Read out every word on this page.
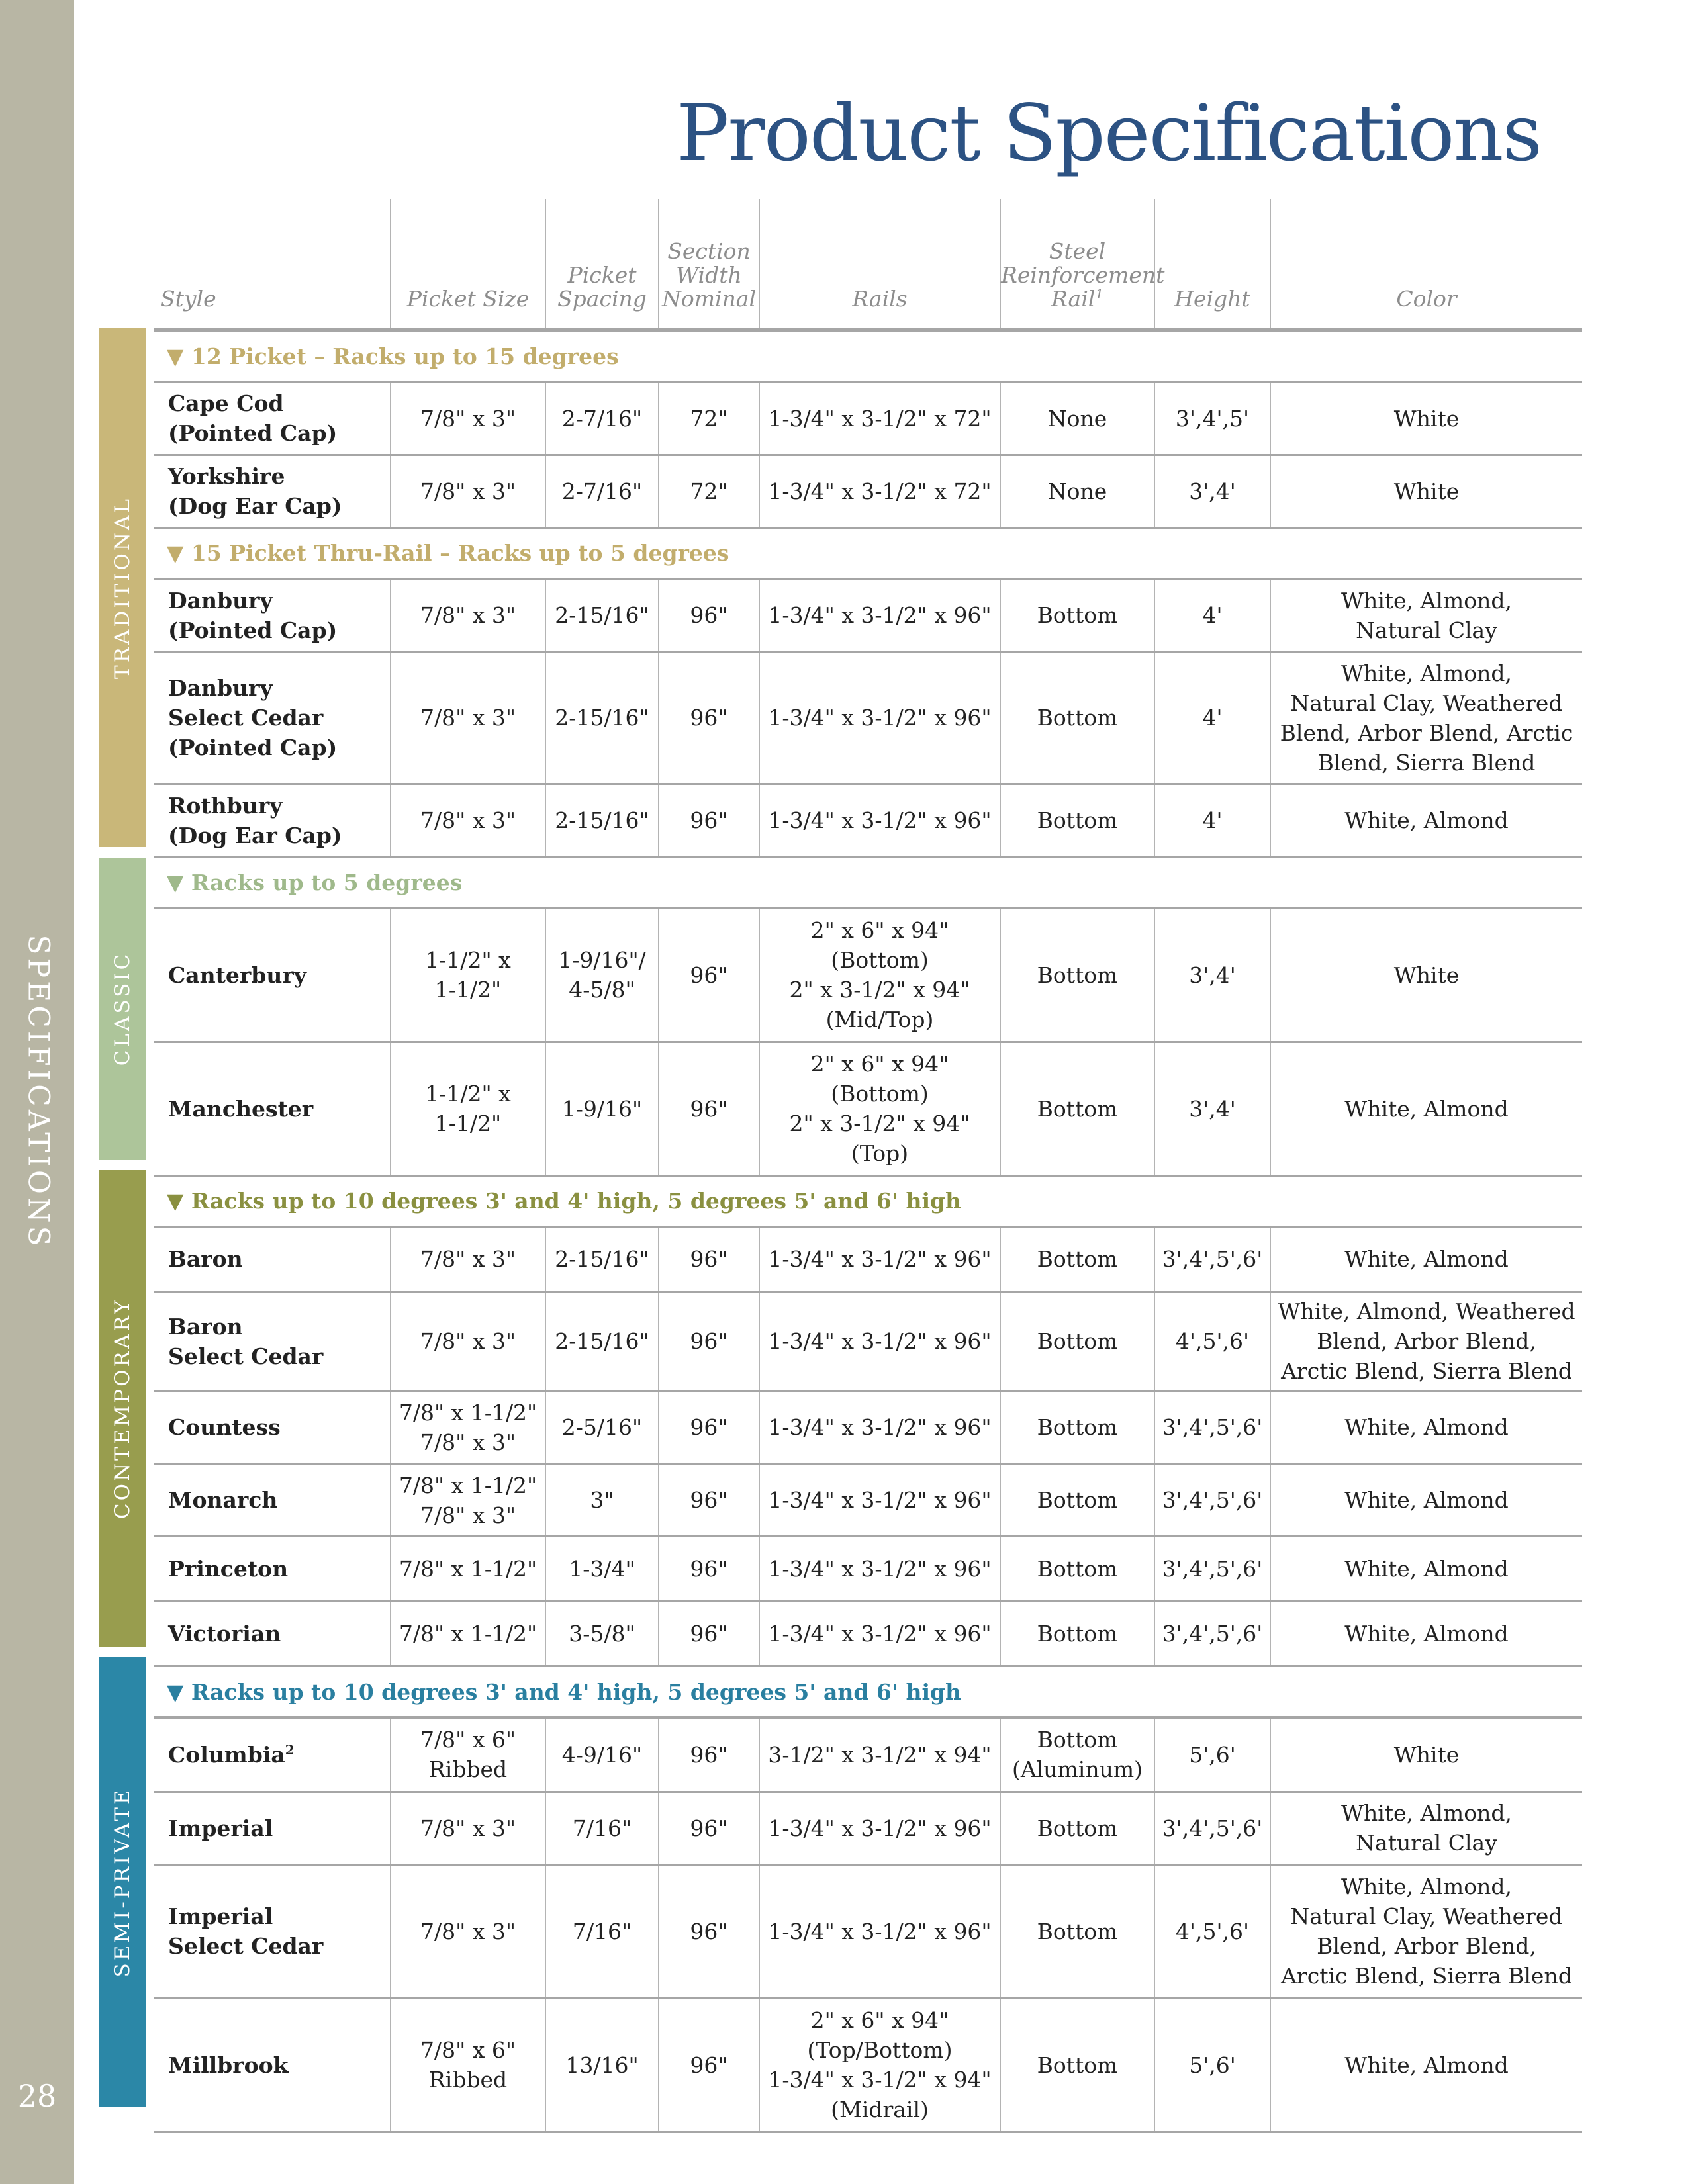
SPECIFICATIONS
28
Product Specifications
TRADITIONAL
CLASSIC
CONTEMPORARY
SEMI-PRIVATE
Style	Picket Size	Picket
Spacing	Section
Width
Nominal	Rails	Steel
Reinforcement
Rail$^1$	Height	Color
▼ 12 Picket – Racks up to 15 degrees							

Cape Cod
(Pointed Cap)	7/8" x 3"	2-7/16"	72"	1-3/4" x 3-1/2" x 72"	None	3',4',5'	White

Yorkshire
(Dog Ear Cap)	7/8" x 3"	2-7/16"	72"	1-3/4" x 3-1/2" x 72"	None	3',4'	White

▼ 15 Picket Thru-Rail – Racks up to 5 degrees							

Danbury
(Pointed Cap)	7/8" x 3"	2-15/16"	96"	1-3/4" x 3-1/2" x 96"	Bottom	4'	White, Almond,
Natural Clay

Danbury
Select Cedar
(Pointed Cap)	7/8" x 3"	2-15/16"	96"	1-3/4" x 3-1/2" x 96"	Bottom	4'	White, Almond,
Natural Clay, Weathered
Blend, Arbor Blend, Arctic
Blend, Sierra Blend

Rothbury
(Dog Ear Cap)	7/8" x 3"	2-15/16"	96"	1-3/4" x 3-1/2" x 96"	Bottom	4'	White, Almond

▼ Racks up to 5 degrees							

Canterbury	1-1/2" x
1-1/2"	1-9/16"/
4-5/8"	96"	2" x 6" x 94"
(Bottom)
2" x 3-1/2" x 94"
(Mid/Top)	Bottom	3',4'	White

Manchester	1-1/2" x
1-1/2"	1-9/16"	96"	2" x 6" x 94"
(Bottom)
2" x 3-1/2" x 94"
(Top)	Bottom	3',4'	White, Almond

▼ Racks up to 10 degrees 3' and 4' high, 5 degrees 5' and 6' high							

Baron	7/8" x 3"	2-15/16"	96"	1-3/4" x 3-1/2" x 96"	Bottom	3',4',5',6'	White, Almond

Baron
Select Cedar	7/8" x 3"	2-15/16"	96"	1-3/4" x 3-1/2" x 96"	Bottom	4',5',6'	White, Almond, Weathered
Blend, Arbor Blend,
Arctic Blend, Sierra Blend

Countess	7/8" x 1-1/2"
7/8" x 3"	2-5/16"	96"	1-3/4" x 3-1/2" x 96"	Bottom	3',4',5',6'	White, Almond

Monarch	7/8" x 1-1/2"
7/8" x 3"	3"	96"	1-3/4" x 3-1/2" x 96"	Bottom	3',4',5',6'	White, Almond

Princeton	7/8" x 1-1/2"	1-3/4"	96"	1-3/4" x 3-1/2" x 96"	Bottom	3',4',5',6'	White, Almond

Victorian	7/8" x 1-1/2"	3-5/8"	96"	1-3/4" x 3-1/2" x 96"	Bottom	3',4',5',6'	White, Almond

▼ Racks up to 10 degrees 3' and 4' high, 5 degrees 5' and 6' high							

Columbia$^2$	7/8" x 6"
Ribbed	4-9/16"	96"	3-1/2" x 3-1/2" x 94"	Bottom
(Aluminum)	5',6'	White

Imperial	7/8" x 3"	7/16"	96"	1-3/4" x 3-1/2" x 96"	Bottom	3',4',5',6'	White, Almond,
Natural Clay

Imperial
Select Cedar	7/8" x 3"	7/16"	96"	1-3/4" x 3-1/2" x 96"	Bottom	4',5',6'	White, Almond,
Natural Clay, Weathered
Blend, Arbor Blend,
Arctic Blend, Sierra Blend

Millbrook	7/8" x 6"
Ribbed	13/16"	96"	2" x 6" x 94"
(Top/Bottom)
1-3/4" x 3-1/2" x 94"
(Midrail)	Bottom	5',6'	White, Almond
